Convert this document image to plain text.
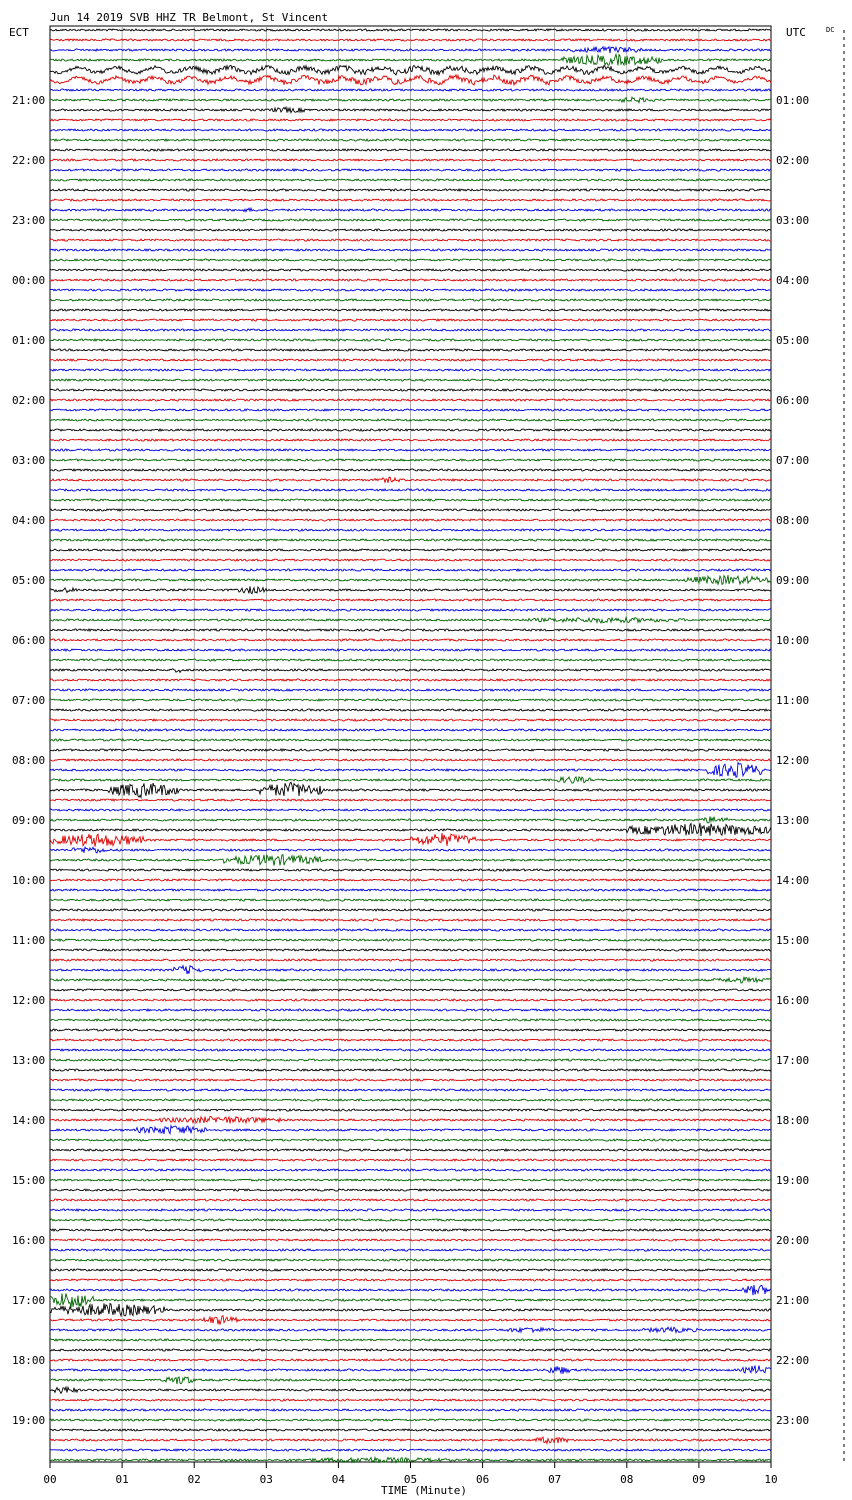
Jun 14 2019 SVB HHZ TR Belmont, St Vincent
ECT	UTC	DC
21:00
22:00
23:00
00:00
01:00
02:00
03:00
04:00
05:00
06:00
07:00
08:00
09:00
10:00
11:00
12:00
13:00
14:00
15:00
16:00
17:00
18:00
19:00
01:00
02:00
03:00
04:00
05:00
06:00
07:00
08:00
09:00
10:00
11:00
12:00
13:00
14:00
15:00
16:00
17:00
18:00
19:00
20:00
21:00
22:00
23:00
00	01	02	03	04	05	06	07	08	09	10
TIME (Minute)
